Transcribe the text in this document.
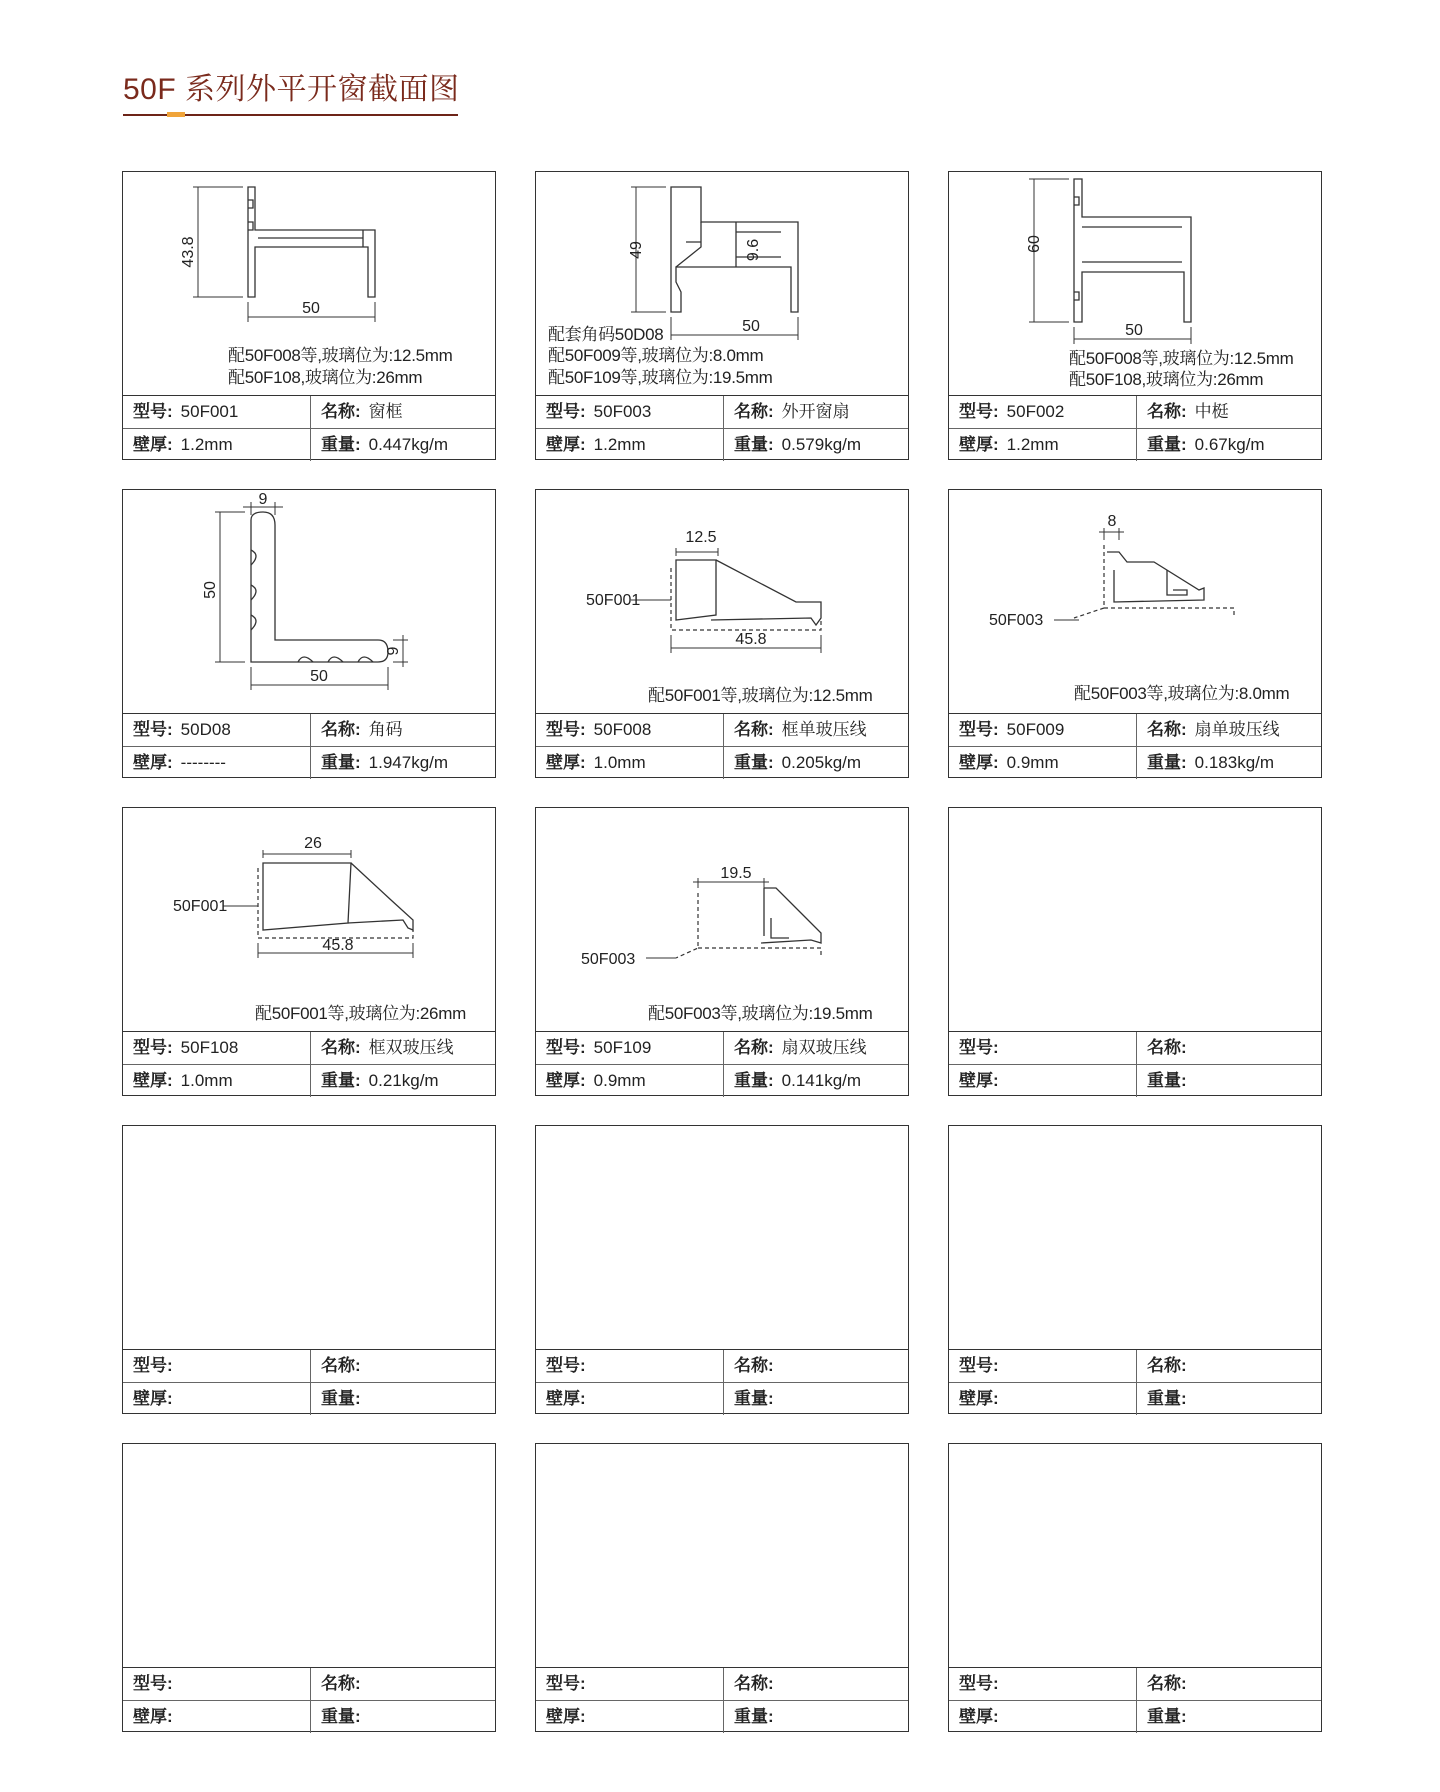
50F 系列外平开窗截面图
43.8
50
配50F008等,玻璃位为:12.5mm
配50F108,玻璃位为:26mm
型号: 50F001	名称: 窗框
壁厚: 1.2mm	重量: 0.447kg/m
49	9.6
50
配套角码50D08
配50F009等,玻璃位为:8.0mm
配50F109等,玻璃位为:19.5mm
型号: 50F003	名称: 外开窗扇
壁厚: 1.2mm	重量: 0.579kg/m
60
50
配50F008等,玻璃位为:12.5mm
配50F108,玻璃位为:26mm
型号: 50F002	名称: 中梃
壁厚: 1.2mm	重量: 0.67kg/m
9
50
9
50
型号: 50D08	名称: 角码
壁厚: --------	重量: 1.947kg/m
12.5
45.8
50F001
配50F001等,玻璃位为:12.5mm
型号: 50F008	名称: 框单玻压线
壁厚: 1.0mm	重量: 0.205kg/m
8
50F003
配50F003等,玻璃位为:8.0mm
型号: 50F009	名称: 扇单玻压线
壁厚: 0.9mm	重量: 0.183kg/m
26
45.8
50F001
配50F001等,玻璃位为:26mm
型号: 50F108	名称: 框双玻压线
壁厚: 1.0mm	重量: 0.21kg/m
19.5
50F003
配50F003等,玻璃位为:19.5mm
型号: 50F109	名称: 扇双玻压线
壁厚: 0.9mm	重量: 0.141kg/m
型号:	名称:
壁厚:	重量:
型号:	名称:
壁厚:	重量:
型号:	名称:
壁厚:	重量:
型号:	名称:
壁厚:	重量:
型号:	名称:
壁厚:	重量:
型号:	名称:
壁厚:	重量:
型号:	名称:
壁厚:	重量:
